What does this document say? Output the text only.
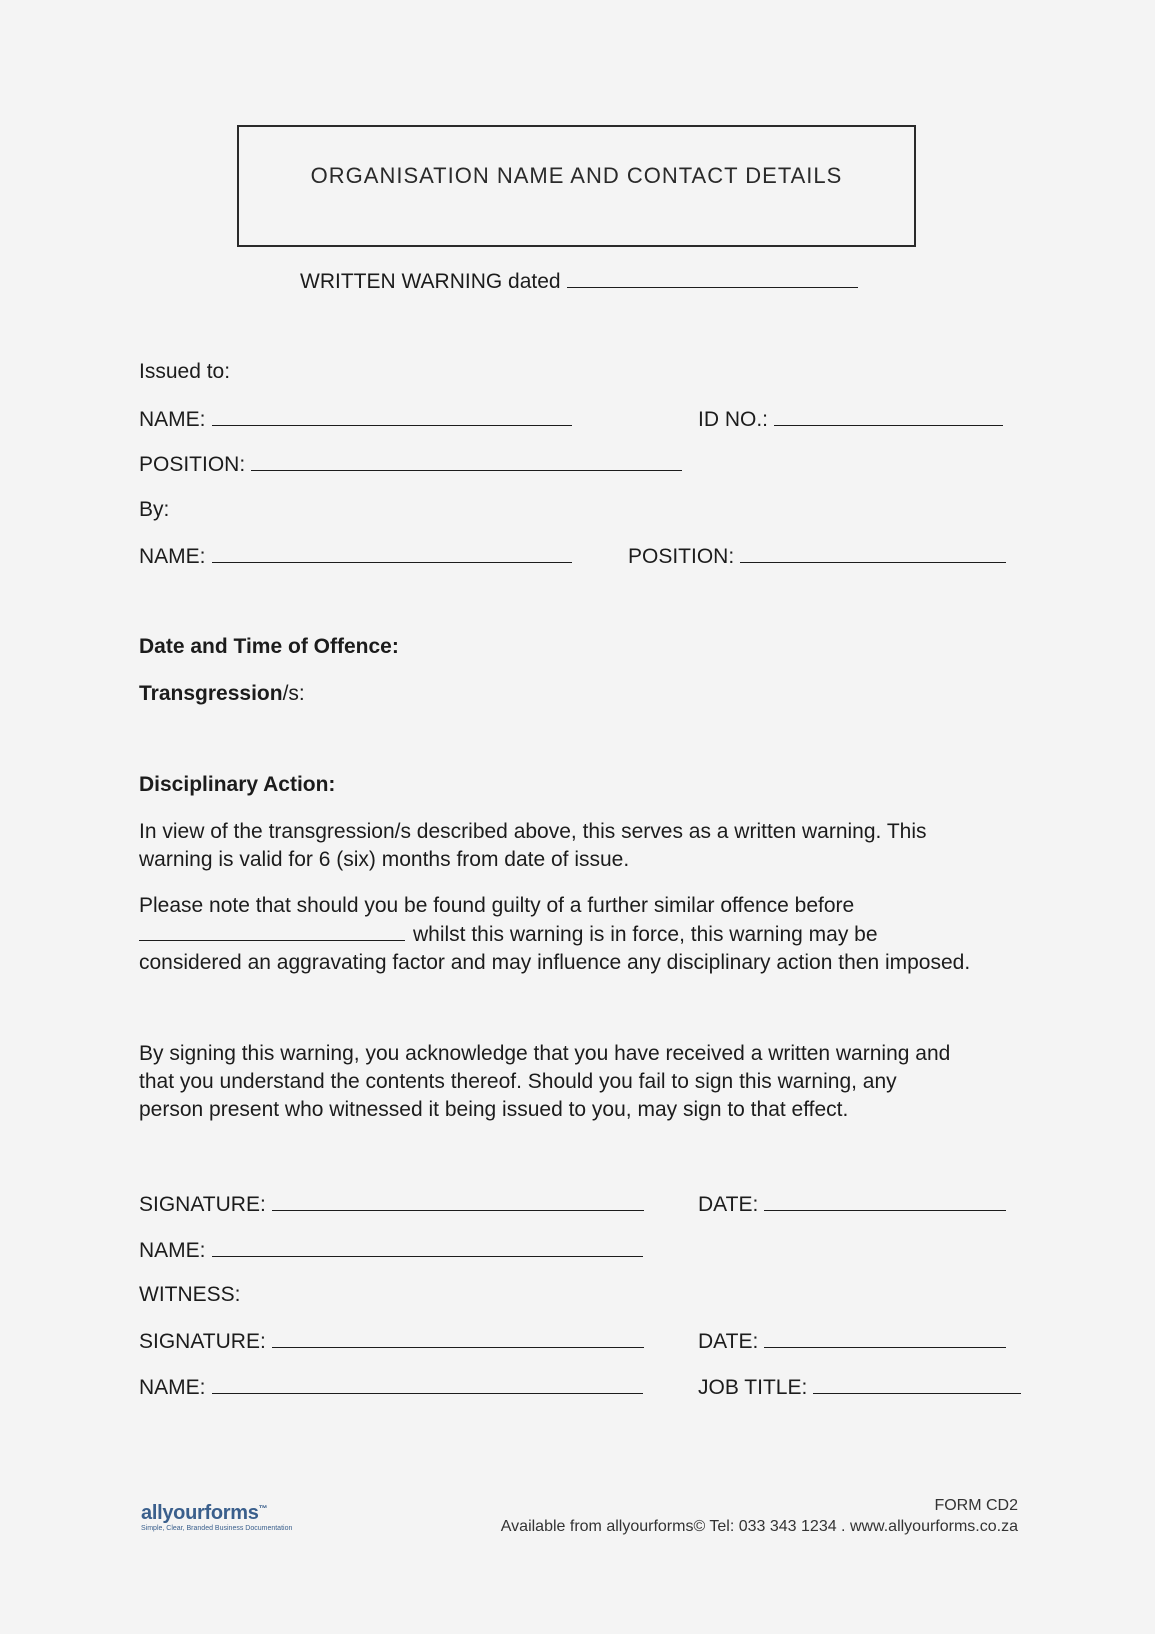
ORGANISATION NAME AND CONTACT DETAILS
WRITTEN WARNING dated
Issued to:
NAME:	ID NO.:
POSITION:
By:
NAME:	POSITION:
Date and Time of Offence:
Transgression/s:
Disciplinary Action:
In view of the transgression/s described above, this serves as a written warning. This
warning is valid for 6 (six) months from date of issue.
Please note that should you be found guilty of a further similar offence before
whilst this warning is in force, this warning may be
considered an aggravating factor and may influence any disciplinary action then imposed.
By signing this warning, you acknowledge that you have received a written warning and
that you understand the contents thereof. Should you fail to sign this warning, any
person present who witnessed it being issued to you, may sign to that effect.
SIGNATURE:	DATE:
NAME:
WITNESS:
SIGNATURE:	DATE:
NAME:	JOB TITLE:
allyourforms™
Simple, Clear, Branded Business Documentation
FORM CD2
Available from allyourforms© Tel: 033 343 1234 . www.allyourforms.co.za
